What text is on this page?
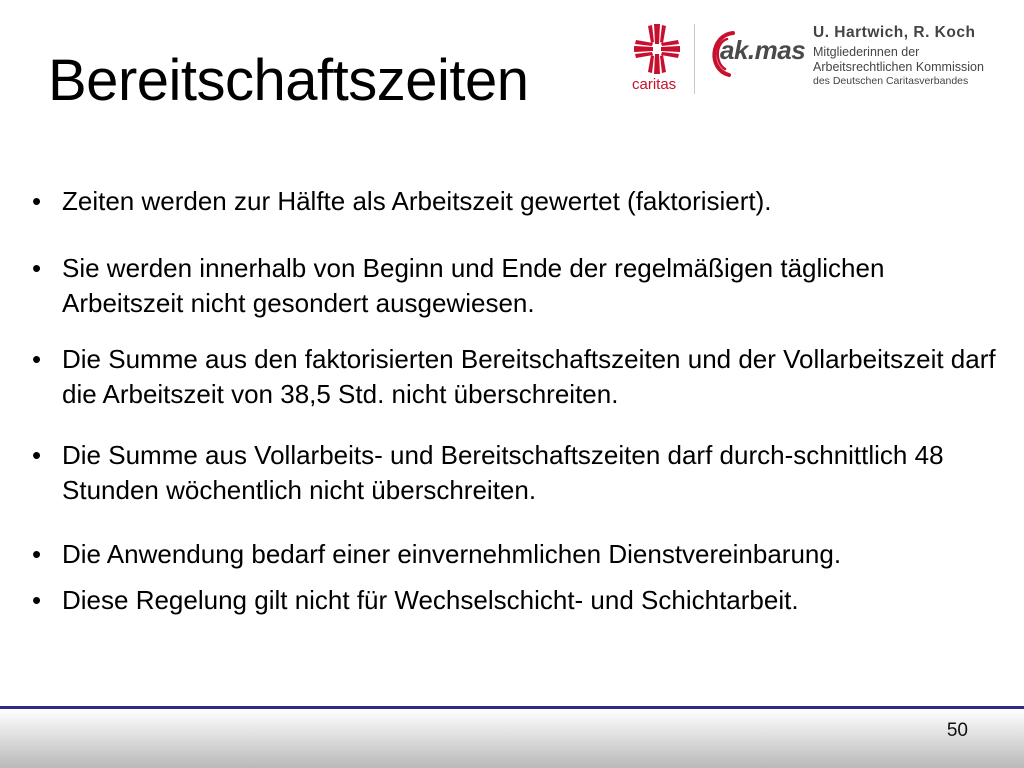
Bereitschaftszeiten	caritas
ak.mas
U. Hartwich, R. Koch
Mitgliederinnen der
Arbeitsrechtlichen Kommission
des Deutschen Caritasverbandes
• Zeiten werden zur Hälfte als Arbeitszeit gewertet (faktorisiert).
• Sie werden innerhalb von Beginn und Ende der regelmäßigen täglichen Arbeitszeit nicht gesondert ausgewiesen.
• Die Summe aus den faktorisierten Bereitschaftszeiten und der Vollarbeitszeit darf die Arbeitszeit von 38,5 Std. nicht überschreiten.
• Die Summe aus Vollarbeits- und Bereitschaftszeiten darf durch-schnittlich 48 Stunden wöchentlich nicht überschreiten.
• Die Anwendung bedarf einer einvernehmlichen Dienstvereinbarung.
• Diese Regelung gilt nicht für Wechselschicht- und Schichtarbeit.
50
